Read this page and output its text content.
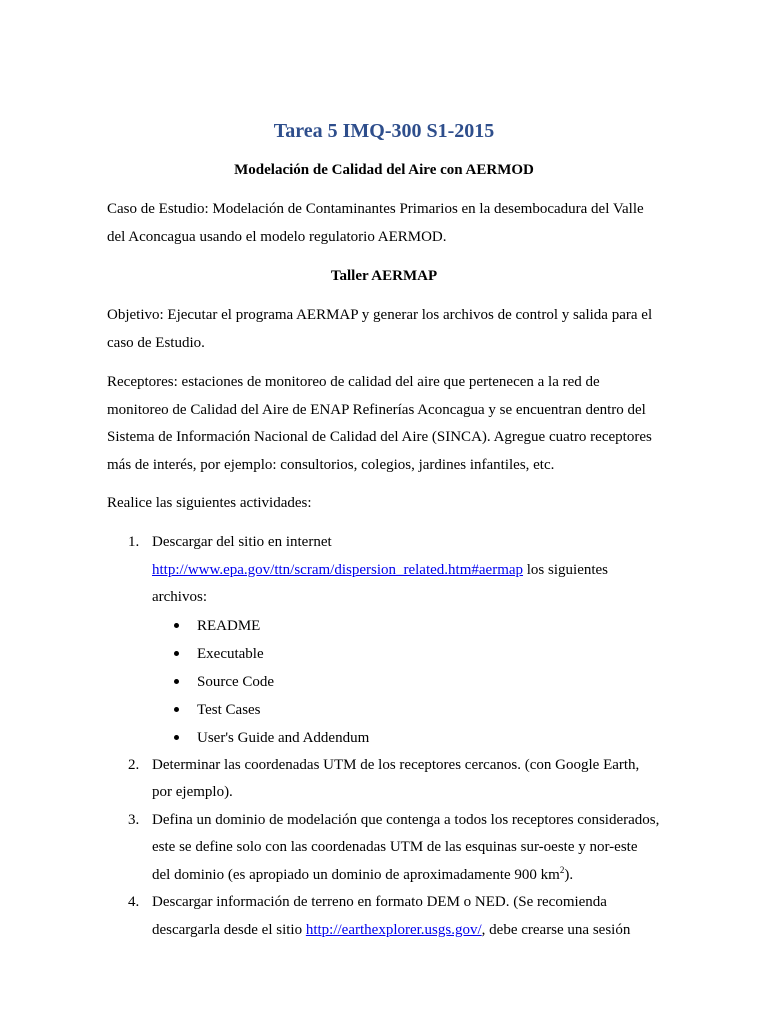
Tarea 5 IMQ-300 S1-2015
Modelación de Calidad del Aire con AERMOD
Caso de Estudio: Modelación de Contaminantes Primarios en la desembocadura del Valle
del Aconcagua usando el modelo regulatorio AERMOD.
Taller AERMAP
Objetivo: Ejecutar el programa AERMAP y generar los archivos de control y salida para el
caso de Estudio.
Receptores: estaciones de monitoreo de calidad del aire que pertenecen a la red de
monitoreo de Calidad del Aire de ENAP Refinerías Aconcagua y se encuentran dentro del
Sistema de Información Nacional de Calidad del Aire (SINCA). Agregue cuatro receptores
más de interés, por ejemplo: consultorios, colegios, jardines infantiles, etc.
Realice las siguientes actividades:
1. Descargar del sitio en internet
http://www.epa.gov/ttn/scram/dispersion_related.htm#aermap los siguientes
archivos:
README
Executable
Source Code
Test Cases
User's Guide and Addendum
2. Determinar las coordenadas UTM de los receptores cercanos. (con Google Earth,
por ejemplo).
3. Defina un dominio de modelación que contenga a todos los receptores considerados,
este se define solo con las coordenadas UTM de las esquinas sur-oeste y nor-este
del dominio (es apropiado un dominio de aproximadamente 900 $km^2$).
4. Descargar información de terreno en formato DEM o NED. (Se recomienda
descargarla desde el sitio http://earthexplorer.usgs.gov/, debe crearse una sesión
